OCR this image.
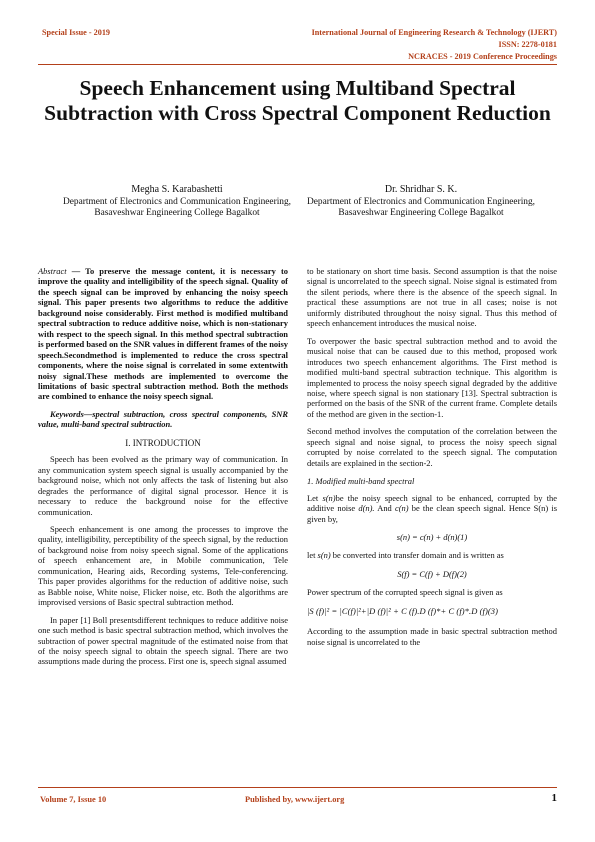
Special Issue - 2019	International Journal of Engineering Research & Technology (IJERT)
ISSN: 2278-0181
NCRACES - 2019 Conference Proceedings
Speech Enhancement using Multiband Spectral Subtraction with Cross Spectral Component Reduction
Megha S. Karabashetti
Department of Electronics and Communication Engineering,
Basaveshwar Engineering College Bagalkot
Dr. Shridhar S. K.
Department of Electronics and Communication Engineering,
Basaveshwar Engineering College Bagalkot

Abstract — To preserve the message content, it is necessary to improve the quality and intelligibility of the speech signal. Quality of the speech signal can be improved by enhancing the noisy speech signal. This paper presents two algorithms to reduce the additive background noise considerably. First method is modified multiband spectral subtraction to reduce additive noise, which is non-stationary with respect to the speech signal. In this method spectral subtraction is performed based on the SNR values in different frames of the noisy speech.Secondmethod is implemented to reduce the cross spectral components, where the noise signal is correlated in some extentwith noisy signal.These methods are implemented to overcome the limitations of basic spectral subtraction method. Both the methods are combined to enhance the noisy speech signal.

Keywords—spectral subtraction, cross spectral components, SNR value, multi-band spectral subtraction.

I. INTRODUCTION

Speech has been evolved as the primary way of communication. In any communication system speech signal is usually accompanied by the background noise, which not only affects the task of listening but also degrades the performance of digital signal processor. Hence it is necessary to reduce the background noise for the effective communication.

Speech enhancement is one among the processes to improve the quality, intelligibility, perceptibility of the speech signal, by the reduction of background noise from noisy speech signal. Some of the applications of speech enhancement are, in Mobile communication, Tele communication, Hearing aids, Recording systems, Tele-conferencing. This paper provides algorithms for the reduction of additive noise, such as Babble noise, White noise, Flicker noise, etc. Both the algorithms are improvised versions of Basic spectral subtraction method.

In paper [1] Boll presentsdifferent techniques to reduce additive noise one such method is basic spectral subtraction method, which involves the subtraction of power spectral magnitude of the estimated noise from that of the noisy speech signal to obtain the speech signal. There are two assumptions made during the process. First one is, speech signal assumed

to be stationary on short time basis. Second assumption is that the noise signal is uncorrelated to the speech signal. Noise signal is estimated from the silent periods, where there is the absence of the speech signal. In practical these assumptions are not true in all cases; noise is not uniformly distributed throughout the noisy signal. Thus this method of speech enhancement introduces the musical noise.

To overpower the basic spectral subtraction method and to avoid the musical noise that can be caused due to this method, proposed work introduces two speech enhancement algorithms. The First method is modified multi-band spectral subtraction technique. This algorithm is implemented to process the noisy speech signal degraded by the additive noise, where speech signal is non stationary [13]. Spectral subtraction is performed on the basis of the SNR of the current frame. Complete details of the method are given in the section-1.

Second method involves the computation of the correlation between the speech signal and noise signal, to process the noisy speech signal corrupted by noise correlated to the speech signal. The computation details are explained in the section-2.

1. Modified multi-band spectral

Let s(n)be the noisy speech signal to be enhanced, corrupted by the additive noise d(n). And c(n) be the clean speech signal. Hence S(n) is given by,

s(n) = c(n) + d(n)(1)

let s(n) be converted into transfer domain and is written as

S(f) = C(f) + D(f)(2)

Power spectrum of the corrupted speech signal is given as

|S (f)|² = |C(f)|²+|D (f)|² + C (f).D (f)*+ C (f)*.D (f)(3)

According to the assumption made in basic spectral subtraction method noise signal is uncorrelated to the

Volume 7, Issue 10	Published by, www.ijert.org	1
